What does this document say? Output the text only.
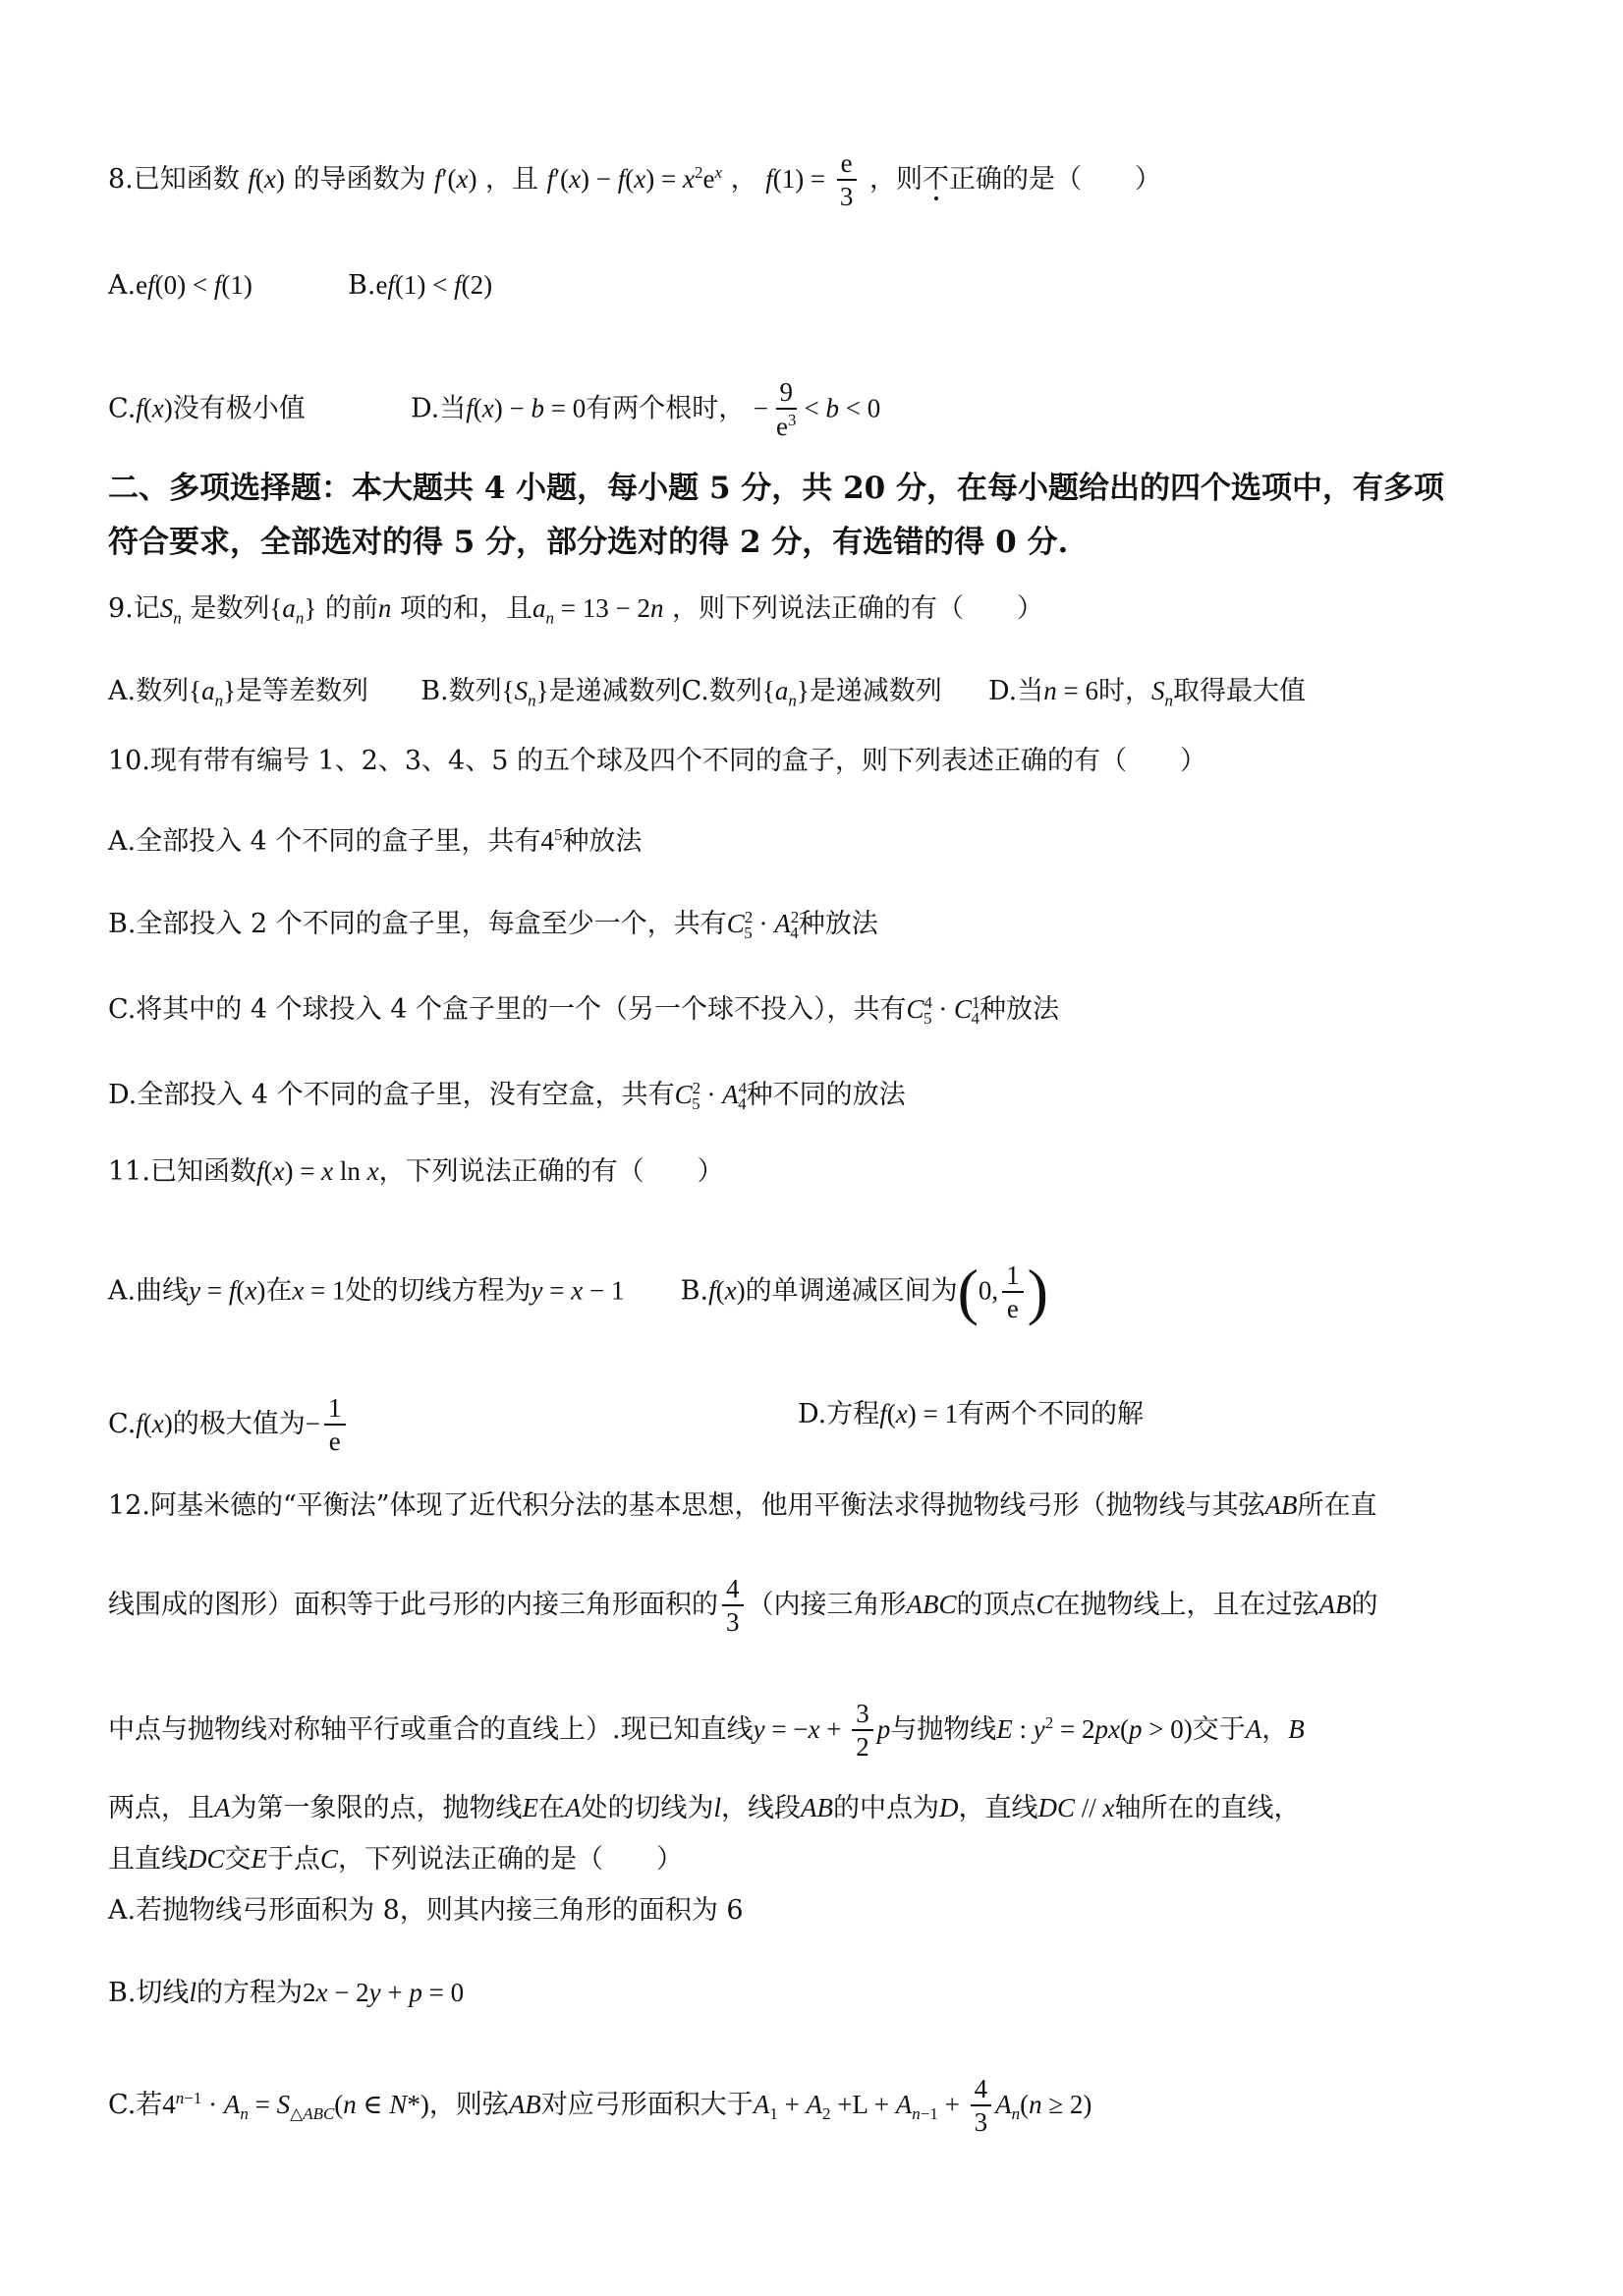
8.已知函数 f(x) 的导函数为 f′(x) ，且 $f'(x) - f(x) = x^2e^x$ ， $f(1) = \frac{e}{3}$ ，则不正确的是（　　）
A.ef(0) < f(1)	B.ef(1) < f(2)
C.f(x)没有极小值	D.当f(x) − b = 0有两个根时， − $\frac{9}{e^3} < b < 0$
二、多项选择题：本大题共 4 小题，每小题 5 分，共 20 分，在每小题给出的四个选项中，有多项
符合要求，全部选对的得 5 分，部分选对的得 2 分，有选错的得 0 分.
9.记$S_n$ 是数列$\{a_n\}$ 的前n 项的和，且$a_n = 13 - 2n$ ，则下列说法正确的有（　　）
A.数列$\{a_n\}$是等差数列 B.数列$\{S_n\}$是递减数列C.数列$\{a_n\}$是递减数列 D.当n = 6时，$S_n$取得最大值
10.现有带有编号 1、2、3、4、5 的五个球及四个不同的盒子，则下列表述正确的有（　　）
A.全部投入 4 个不同的盒子里，共有$4^5$种放法
B.全部投入 2 个不同的盒子里，每盒至少一个，共有$C^2_5 \cdot A^2_4$种放法
C.将其中的 4 个球投入 4 个盒子里的一个（另一个球不投入），共有$C^4_5 \cdot C^1_4$种放法
D.全部投入 4 个不同的盒子里，没有空盒，共有$C^2_5 \cdot A^4_4$种不同的放法
11.已知函数f(x) = x ln x，下列说法正确的有（　　）
A.曲线y = f(x)在x = 1处的切线方程为y = x − 1 B.f(x)的单调递减区间为(0, $\frac{1}{e}$ )
C.f(x)的极大值为− $\frac{1}{e}$	D.方程f(x) = 1有两个不同的解
12.阿基米德的“平衡法”体现了近代积分法的基本思想，他用平衡法求得抛物线弓形（抛物线与其弦AB所在直
线围成的图形）面积等于此弓形的内接三角形面积的 $\frac{4}{3}$ （内接三角形ABC的顶点C在抛物线上，且在过弦AB的
中点与抛物线对称轴平行或重合的直线上）.现已知直线$y = -x + \frac{3}{2}$ p与抛物线E : $y^2 = 2px(p > 0)$交于A，B
两点，且A为第一象限的点，抛物线E在A处的切线为l，线段AB的中点为D，直线DC // x轴所在的直线，
且直线DC交E于点C，下列说法正确的是（　　）
A.若抛物线弓形面积为 8，则其内接三角形的面积为 6
B.切线l的方程为2x − 2y + p = 0
C.若$4^{n-1} \cdot A_n = S_{\triangle ABC}(n$ ∈ N*)，则弦AB对应弓形面积大于$A_1 + A_2 +L + A_{n-1} + \frac{4}{3} A_n(n \ge 2)$
